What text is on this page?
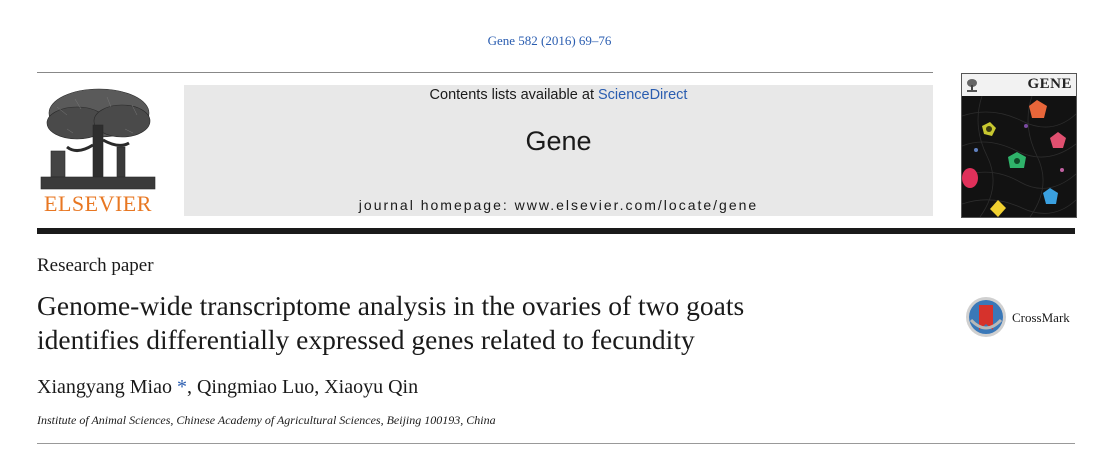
Gene 582 (2016) 69–76
ELSEVIER
Contents lists available at ScienceDirect
Gene
journal homepage: www.elsevier.com/locate/gene
GENE
Research paper
Genome-wide transcriptome analysis in the ovaries of two goats
identifies differentially expressed genes related to fecundity
CrossMark
Xiangyang Miao *, Qingmiao Luo, Xiaoyu Qin
Institute of Animal Sciences, Chinese Academy of Agricultural Sciences, Beijing 100193, China
